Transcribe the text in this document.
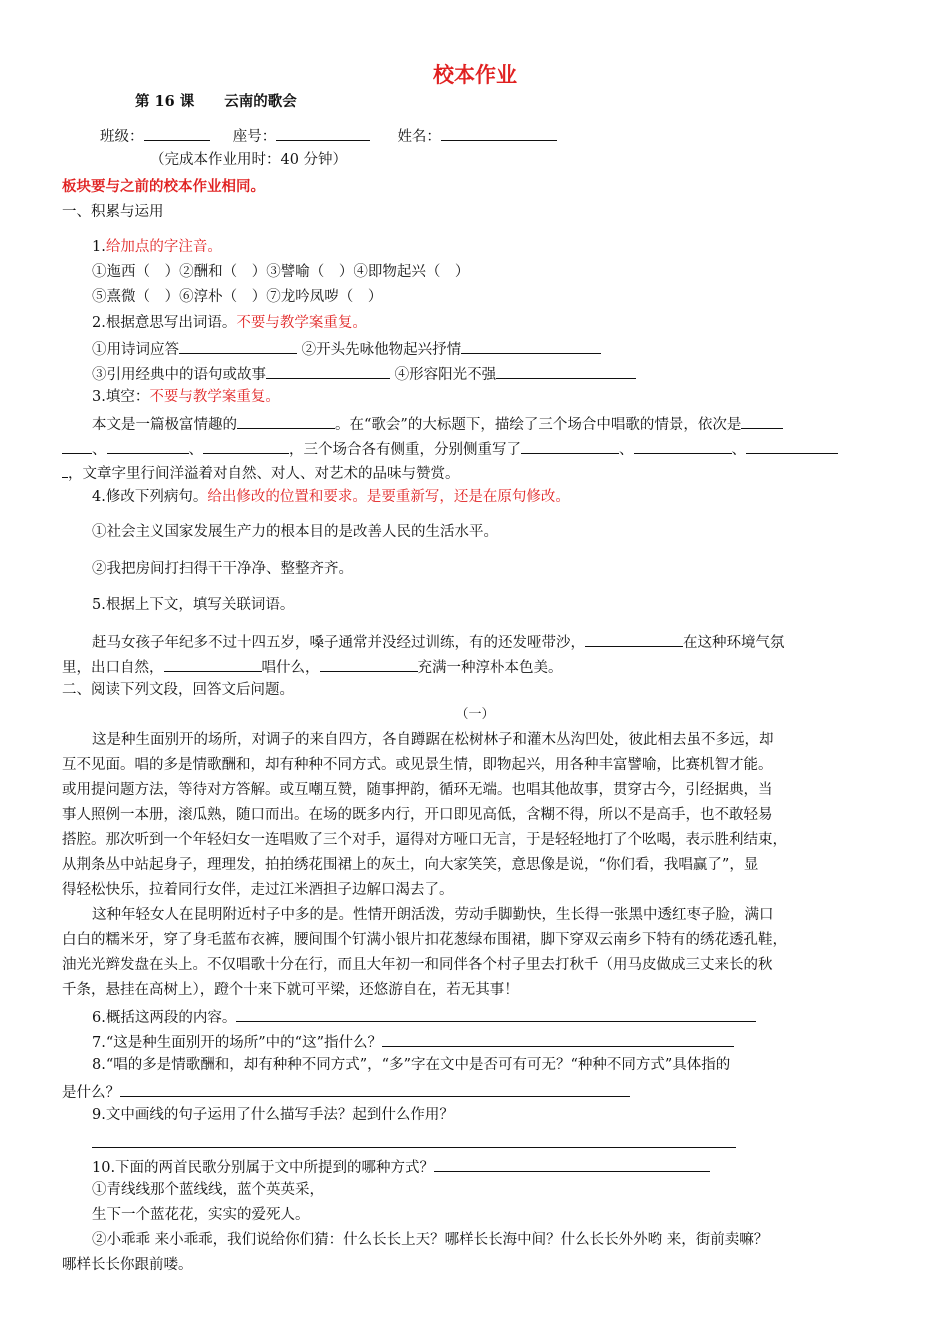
校本作业
第 16 课 云南的歌会
班级：	座号：	姓名：
（完成本作业用时：40 分钟）
板块要与之前的校本作业相同。
一、积累与运用
1.给加点的字注音。
①迤西（ ）②酬和（ ）③譬喻（ ）④即物起兴（ ）
⑤熹微（ ）⑥淳朴（ ）⑦龙吟凤哕（ ）
2.根据意思写出词语。不要与教学案重复。
①用诗词应答	②开头先咏他物起兴抒情
③引用经典中的语句或故事	④形容阳光不强
3.填空：不要与教学案重复。
本文是一篇极富情趣的	。在“歌会”的大标题下，描绘了三个场合中唱歌的情景，依次是
、	、	，三个场合各有侧重，分别侧重写了	、	、
，文章字里行间洋溢着对自然、对人、对艺术的品味与赞赏。
4.修改下列病句。给出修改的位置和要求。是要重新写，还是在原句修改。
①社会主义国家发展生产力的根本目的是改善人民的生活水平。
②我把房间打扫得干干净净、整整齐齐。
5.根据上下文，填写关联词语。
赶马女孩子年纪多不过十四五岁，嗓子通常并没经过训练，有的还发哑带沙，	在这种环境气氛
里，出口自然，	唱什么，	充满一种淳朴本色美。
二、阅读下列文段，回答文后问题。
（一）
这是种生面别开的场所，对调子的来自四方，各自蹲踞在松树林子和灌木丛沟凹处，彼此相去虽不多远，却
互不见面。唱的多是情歌酬和，却有种种不同方式。或见景生情，即物起兴，用各种丰富譬喻，比赛机智才能。
或用提问题方法，等待对方答解。或互嘲互赞，随事押韵，循环无端。也唱其他故事，贯穿古今，引经据典，当
事人照例一本册，滚瓜熟，随口而出。在场的既多内行，开口即见高低，含糊不得，所以不是高手，也不敢轻易
搭腔。那次听到一个年轻妇女一连唱败了三个对手，逼得对方哑口无言，于是轻轻地打了个吆喝，表示胜利结束，
从荆条丛中站起身子，理理发，拍拍绣花围裙上的灰土，向大家笑笑，意思像是说，“你们看，我唱赢了”，显
得轻松快乐，拉着同行女伴，走过江米酒担子边解口渴去了。
这种年轻女人在昆明附近村子中多的是。性情开朗活泼，劳动手脚勤快，生长得一张黑中透红枣子脸，满口
白白的糯米牙，穿了身毛蓝布衣裤，腰间围个钉满小银片扣花葱绿布围裙，脚下穿双云南乡下特有的绣花透孔鞋，
油光光辫发盘在头上。不仅唱歌十分在行，而且大年初一和同伴各个村子里去打秋千（用马皮做成三丈来长的秋
千条，悬挂在高树上），蹬个十来下就可平梁，还悠游自在，若无其事！
6.概括这两段的内容。
7.“这是种生面别开的场所”中的“这”指什么？
8.“唱的多是情歌酬和，却有种种不同方式”，“多”字在文中是否可有可无？“种种不同方式”具体指的
是什么？
9.文中画线的句子运用了什么描写手法？起到什么作用？
10.下面的两首民歌分别属于文中所提到的哪种方式？
①青线线那个蓝线线，蓝个英英采，
生下一个蓝花花，实实的爱死人。
②小乖乖 来小乖乖，我们说给你们猜：什么长长上天？哪样长长海中间？什么长长外外哟 来，街前卖嘛？
哪样长长你跟前喽。
